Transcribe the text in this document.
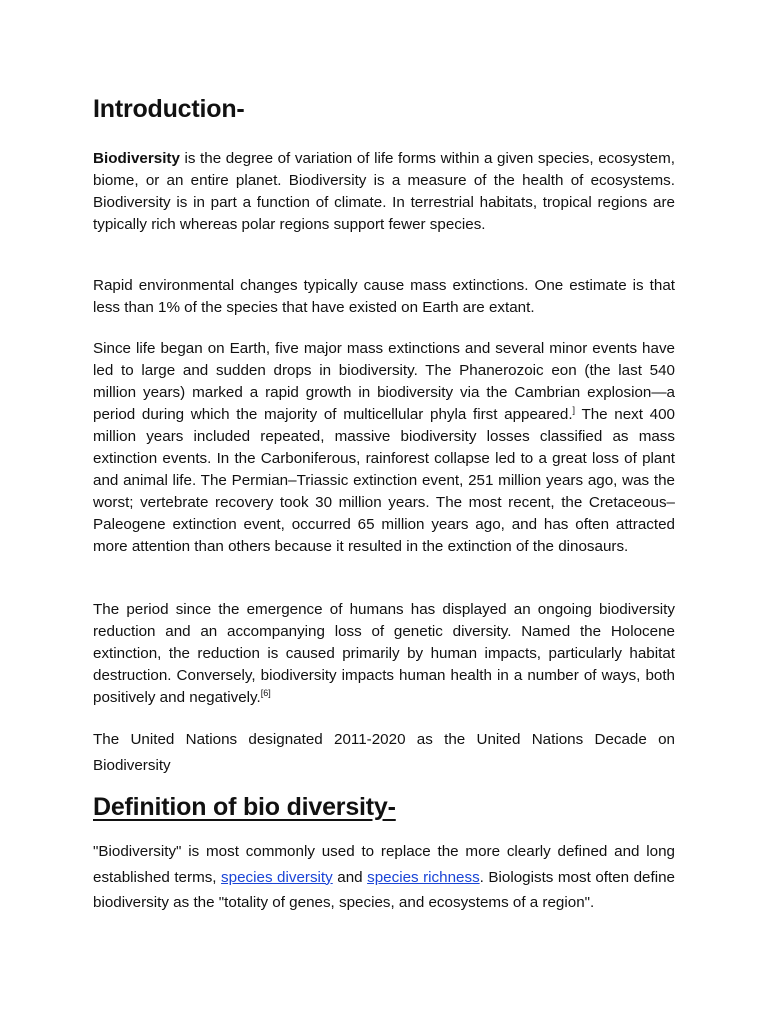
Introduction-

Biodiversity is the degree of variation of life forms within a given species, ecosystem, biome, or an entire planet. Biodiversity is a measure of the health of ecosystems. Biodiversity is in part a function of climate. In terrestrial habitats, tropical regions are typically rich whereas polar regions support fewer species.

Rapid environmental changes typically cause mass extinctions. One estimate is that less than 1% of the species that have existed on Earth are extant.

Since life began on Earth, five major mass extinctions and several minor events have led to large and sudden drops in biodiversity. The Phanerozoic eon (the last 540 million years) marked a rapid growth in biodiversity via the Cambrian explosion—a period during which the majority of multicellular phyla first appeared.] The next 400 million years included repeated, massive biodiversity losses classified as mass extinction events. In the Carboniferous, rainforest collapse led to a great loss of plant and animal life. The Permian–Triassic extinction event, 251 million years ago, was the worst; vertebrate recovery took 30 million years. The most recent, the Cretaceous–Paleogene extinction event, occurred 65 million years ago, and has often attracted more attention than others because it resulted in the extinction of the dinosaurs.

The period since the emergence of humans has displayed an ongoing biodiversity reduction and an accompanying loss of genetic diversity. Named the Holocene extinction, the reduction is caused primarily by human impacts, particularly habitat destruction. Conversely, biodiversity impacts human health in a number of ways, both positively and negatively.[6]

The United Nations designated 2011-2020 as the United Nations Decade on Biodiversity

Definition of bio diversity-

"Biodiversity" is most commonly used to replace the more clearly defined and long established terms, species diversity and species richness. Biologists most often define biodiversity as the "totality of genes, species, and ecosystems of a region".
